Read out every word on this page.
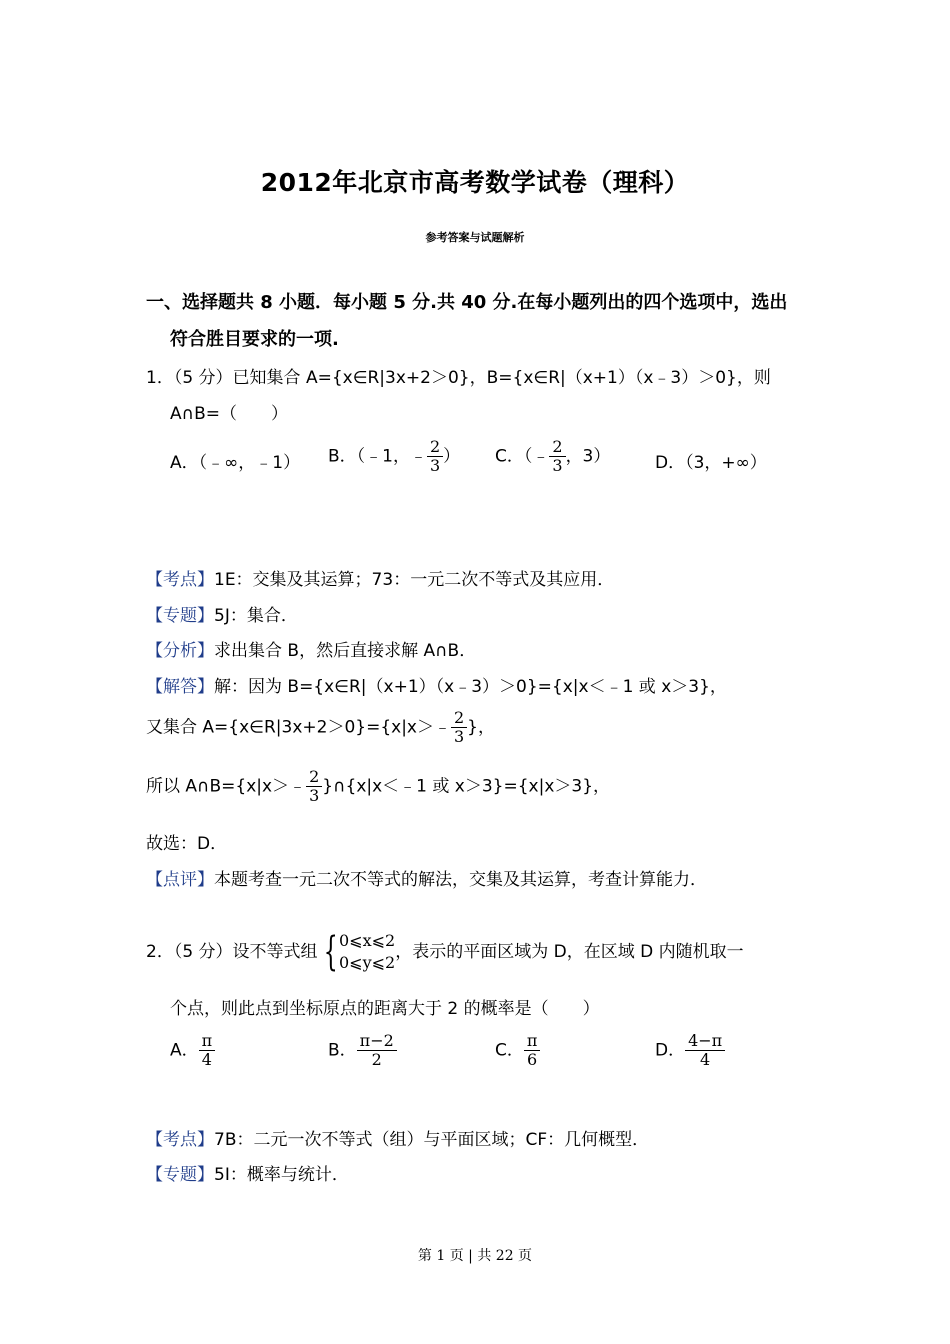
2012年北京市高考数学试卷（理科）
参考答案与试题解析
一、选择题共 8 小题．每小题 5 分.共 40 分.在每小题列出的四个选项中，选出
符合胜目要求的一项.
1．（5 分）已知集合 A={x∈R|3x+2＞0}，B={x∈R|（x+1）（x﹣3）＞0}，则
A∩B=（　　）
A．（﹣∞，﹣1） B．（﹣1，﹣ $\frac{2}{3}$ ） C．（﹣ $\frac{2}{3}$ ，3）	D．（3，+∞）
【考点】1E：交集及其运算；73：一元二次不等式及其应用．
【专题】5J：集合．
【分析】求出集合 B，然后直接求解 A∩B．
【解答】解：因为 B={x∈R|（x+1）（x﹣3）＞0}={x|x＜﹣1 或 x＞3}，
又集合 A={x∈R|3x+2＞0}={x|x＞﹣ $\frac{2}{3}$ }，
所以 A∩B={x|x＞﹣ $\frac{2}{3}$ }∩{x|x＜﹣1 或 x＞3}={x|x＞3}，
故选：D．
【点评】本题考查一元二次不等式的解法，交集及其运算，考查计算能力．
2．（5 分）设不等式组 { 0⩽x⩽2
0⩽y⩽2
，表示的平面区域为 D，在区域 D 内随机取一
个点，则此点到坐标原点的距离大于 2 的概率是（　　）
A． $\frac{\pi}{4}$	B． $\frac{\pi-2}{2}$	C． $\frac{\pi}{6}$	D． $\frac{4-\pi}{4}$
【考点】7B：二元一次不等式（组）与平面区域；CF：几何概型．
【专题】5I：概率与统计．
第 1 页 | 共 22 页
